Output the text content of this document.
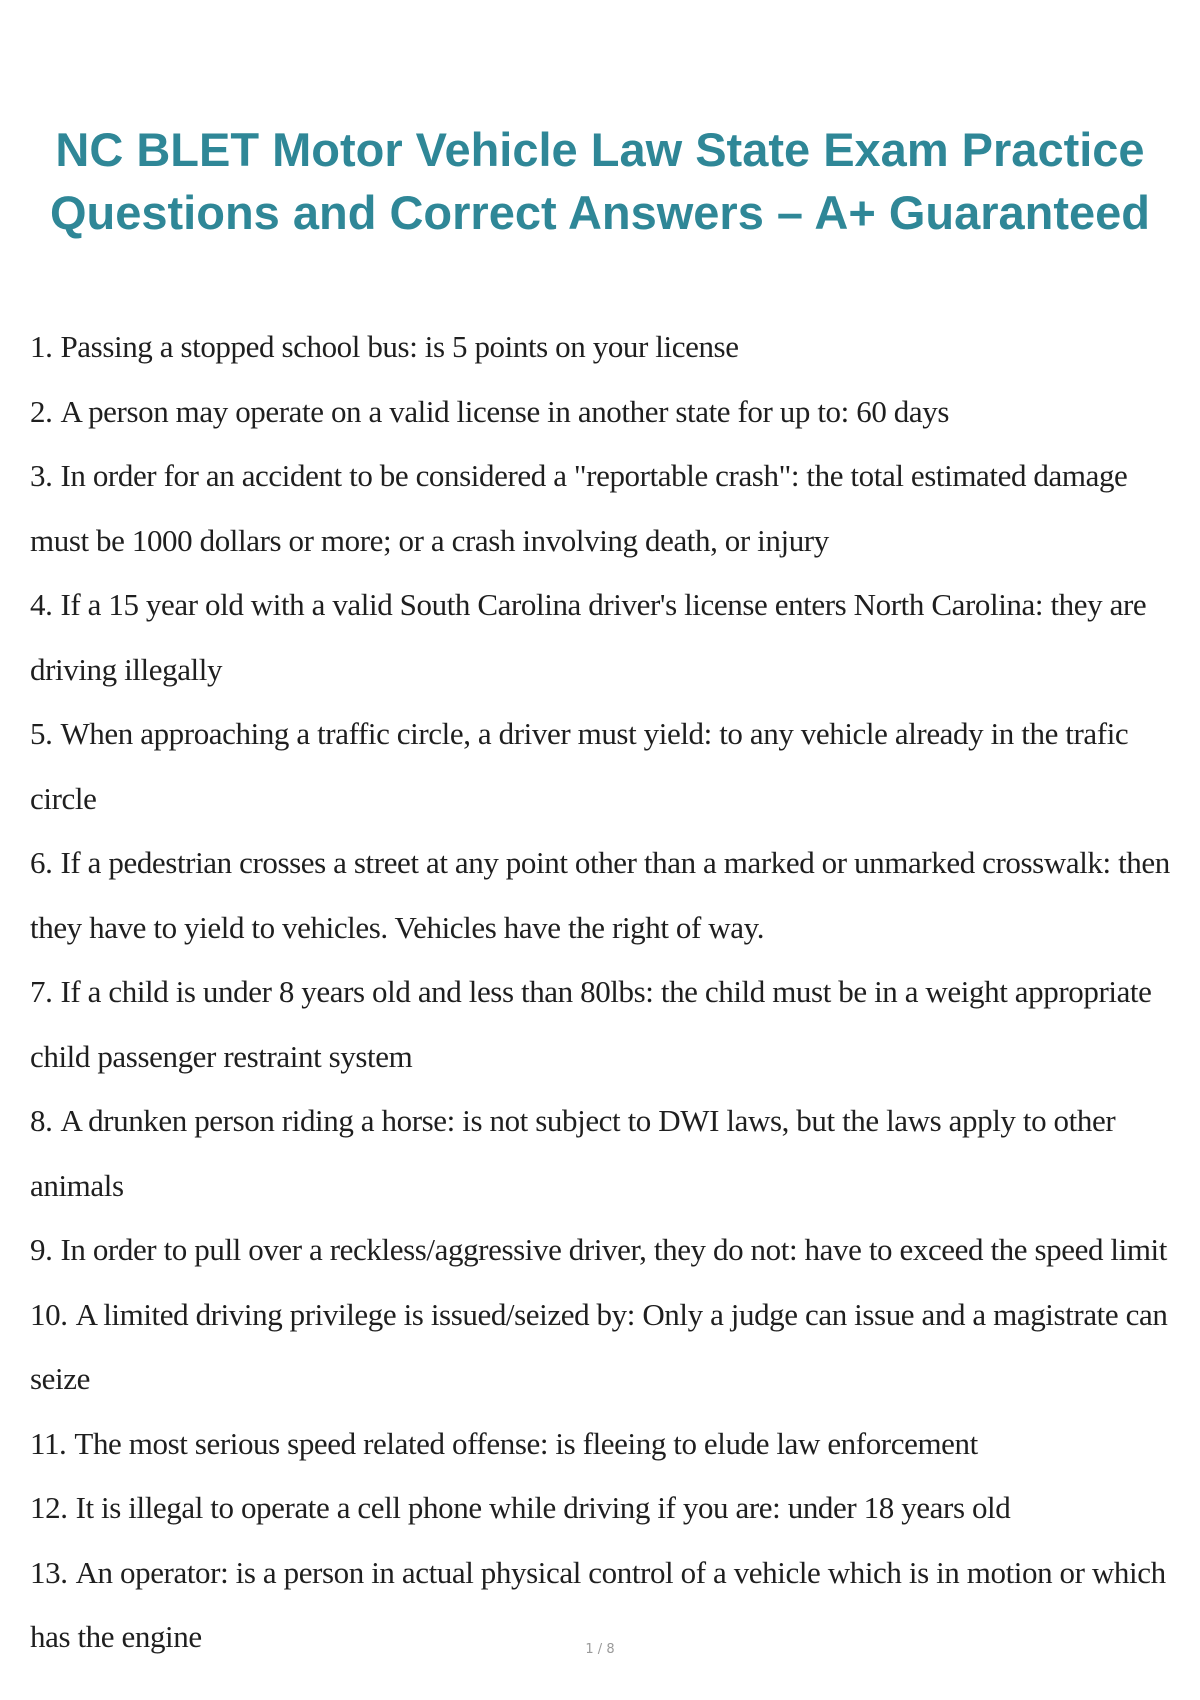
NC BLET Motor Vehicle Law State Exam Practice
Questions and Correct Answers – A+ Guaranteed
1. Passing a stopped school bus: is 5 points on your license
2. A person may operate on a valid license in another state for up to: 60 days
3. In order for an accident to be considered a "reportable crash": the total estimated damage must be 1000 dollars or more; or a crash involving death, or injury
4. If a 15 year old with a valid South Carolina driver's license enters North Carolina: they are driving illegally
5. When approaching a traffic circle, a driver must yield: to any vehicle already in the trafic circle
6. If a pedestrian crosses a street at any point other than a marked or unmarked crosswalk: then they have to yield to vehicles. Vehicles have the right of way.
7. If a child is under 8 years old and less than 80lbs: the child must be in a weight appropriate child passenger restraint system
8. A drunken person riding a horse: is not subject to DWI laws, but the laws apply to other animals
9. In order to pull over a reckless/aggressive driver, they do not: have to exceed the speed limit
10. A limited driving privilege is issued/seized by: Only a judge can issue and a magistrate can seize
11. The most serious speed related offense: is fleeing to elude law enforcement
12. It is illegal to operate a cell phone while driving if you are: under 18 years old
13. An operator: is a person in actual physical control of a vehicle which is in motion or which has the engine	1 / 8
